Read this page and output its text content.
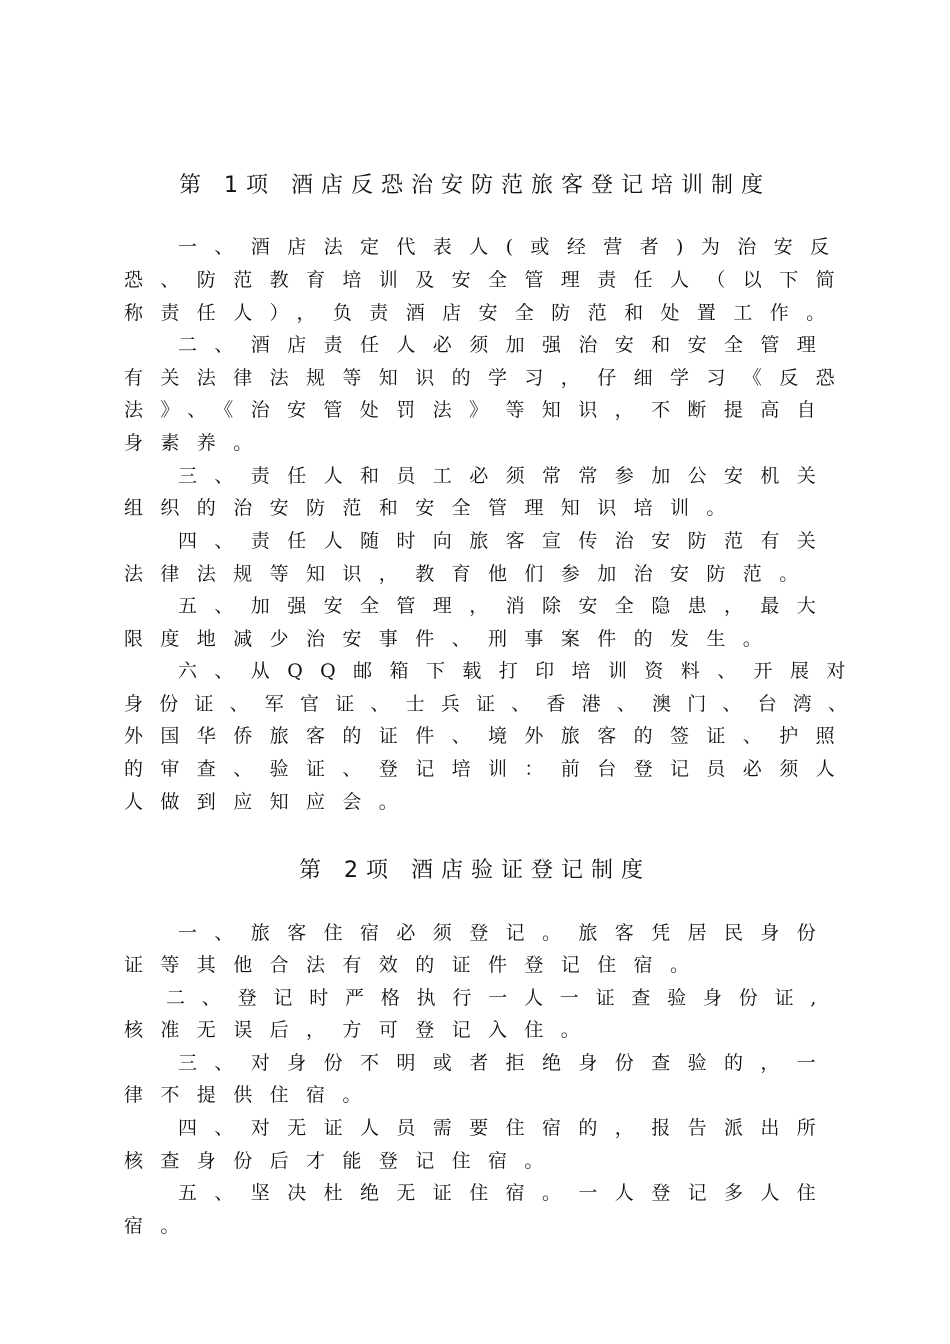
第 1项 酒店反恐治安防范旅客登记培训制度

一、酒店法定代表人(或经营者)为治安反

恐、防范教育培训及安全管理责任人（以下简

称责任人），负责酒店安全防范和处置工作。

二、酒店责任人必须加强治安和安全管理

有关法律法规等知识的学习，仔细学习《反恐

法》、《治安管处罚法》等知识，不断提高自

身素养。

三、责任人和员工必须常常参加公安机关

组织的治安防范和安全管理知识培训。

四、责任人随时向旅客宣传治安防范有关

法律法规等知识，教育他们参加治安防范。

五、加强安全管理，消除安全隐患，最大

限度地减少治安事件、刑事案件的发生。

六、从QQ邮箱下载打印培训资料、开展对

身份证、军官证、士兵证、香港、澳门、台湾、

外国华侨旅客的证件、境外旅客的签证、护照

的审查、验证、登记培训：前台登记员必须人

人做到应知应会。

第 2项 酒店验证登记制度

一、旅客住宿必须登记。旅客凭居民身份

证等其他合法有效的证件登记住宿。

二、登记时严格执行一人一证查验身份证,

核准无误后，方可登记入住。

三、对身份不明或者拒绝身份查验的，一

律不提供住宿。

四、对无证人员需要住宿的，报告派出所

核查身份后才能登记住宿。

五、坚决杜绝无证住宿。一人登记多人住

宿。
